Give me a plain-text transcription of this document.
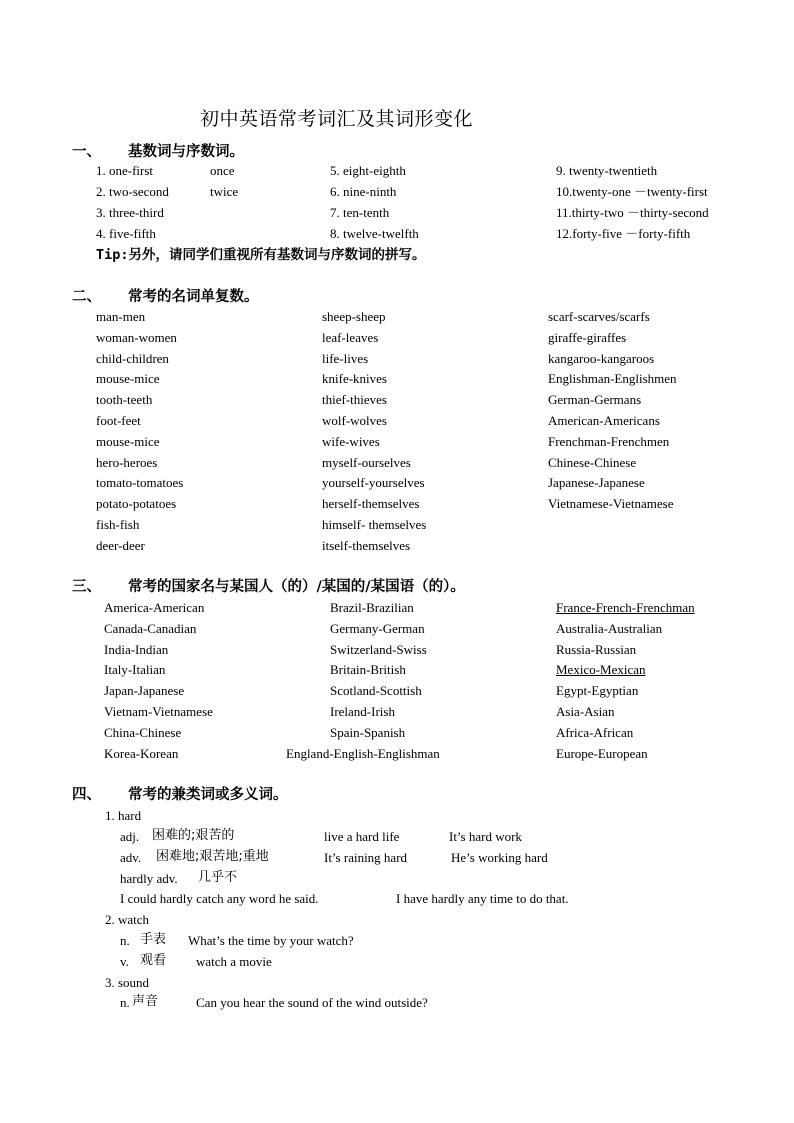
初中英语常考词汇及其词形变化
一、 基数词与序数词。
1. one-first	once	5. eight-eighth	9. twenty-twentieth
2. two-second	twice	6. nine-ninth	10.twenty-one －twenty-first
3. three-third	7. ten-tenth	11.thirty-two －thirty-second
4. five-fifth	8. twelve-twelfth	12.forty-five －forty-fifth
Tip:另外，请同学们重视所有基数词与序数词的拼写。
二、 常考的名词单复数。
man-men	sheep-sheep	scarf-scarves/scarfs
woman-women	leaf-leaves	giraffe-giraffes
child-children	life-lives	kangaroo-kangaroos
mouse-mice	knife-knives	Englishman-Englishmen
tooth-teeth	thief-thieves	German-Germans
foot-feet	wolf-wolves	American-Americans
mouse-mice	wife-wives	Frenchman-Frenchmen
hero-heroes	myself-ourselves	Chinese-Chinese
tomato-tomatoes	yourself-yourselves	Japanese-Japanese
potato-potatoes	herself-themselves	Vietnamese-Vietnamese
fish-fish	himself- themselves
deer-deer	itself-themselves
三、 常考的国家名与某国人（的）/某国的/某国语（的）。
America-American	Brazil-Brazilian	France-French-Frenchman
Canada-Canadian	Germany-German	Australia-Australian
India-Indian	Switzerland-Swiss	Russia-Russian
Italy-Italian	Britain-British	Mexico-Mexican
Japan-Japanese	Scotland-Scottish	Egypt-Egyptian
Vietnam-Vietnamese	Ireland-Irish	Asia-Asian
China-Chinese	Spain-Spanish	Africa-African
Korea-Korean	England-English-Englishman	Europe-European
四、 常考的兼类词或多义词。
1. hard
adj. 困难的;艰苦的	live a hard life	It’s hard work
adv. 困难地;艰苦地;重地	It’s raining hard	He’s working hard
hardly adv. 几乎不
I could hardly catch any word he said.	I have hardly any time to do that.
2. watch
n. 手表 What’s the time by your watch?
v. 观看 watch a movie
3. sound
n. 声音	Can you hear the sound of the wind outside?
